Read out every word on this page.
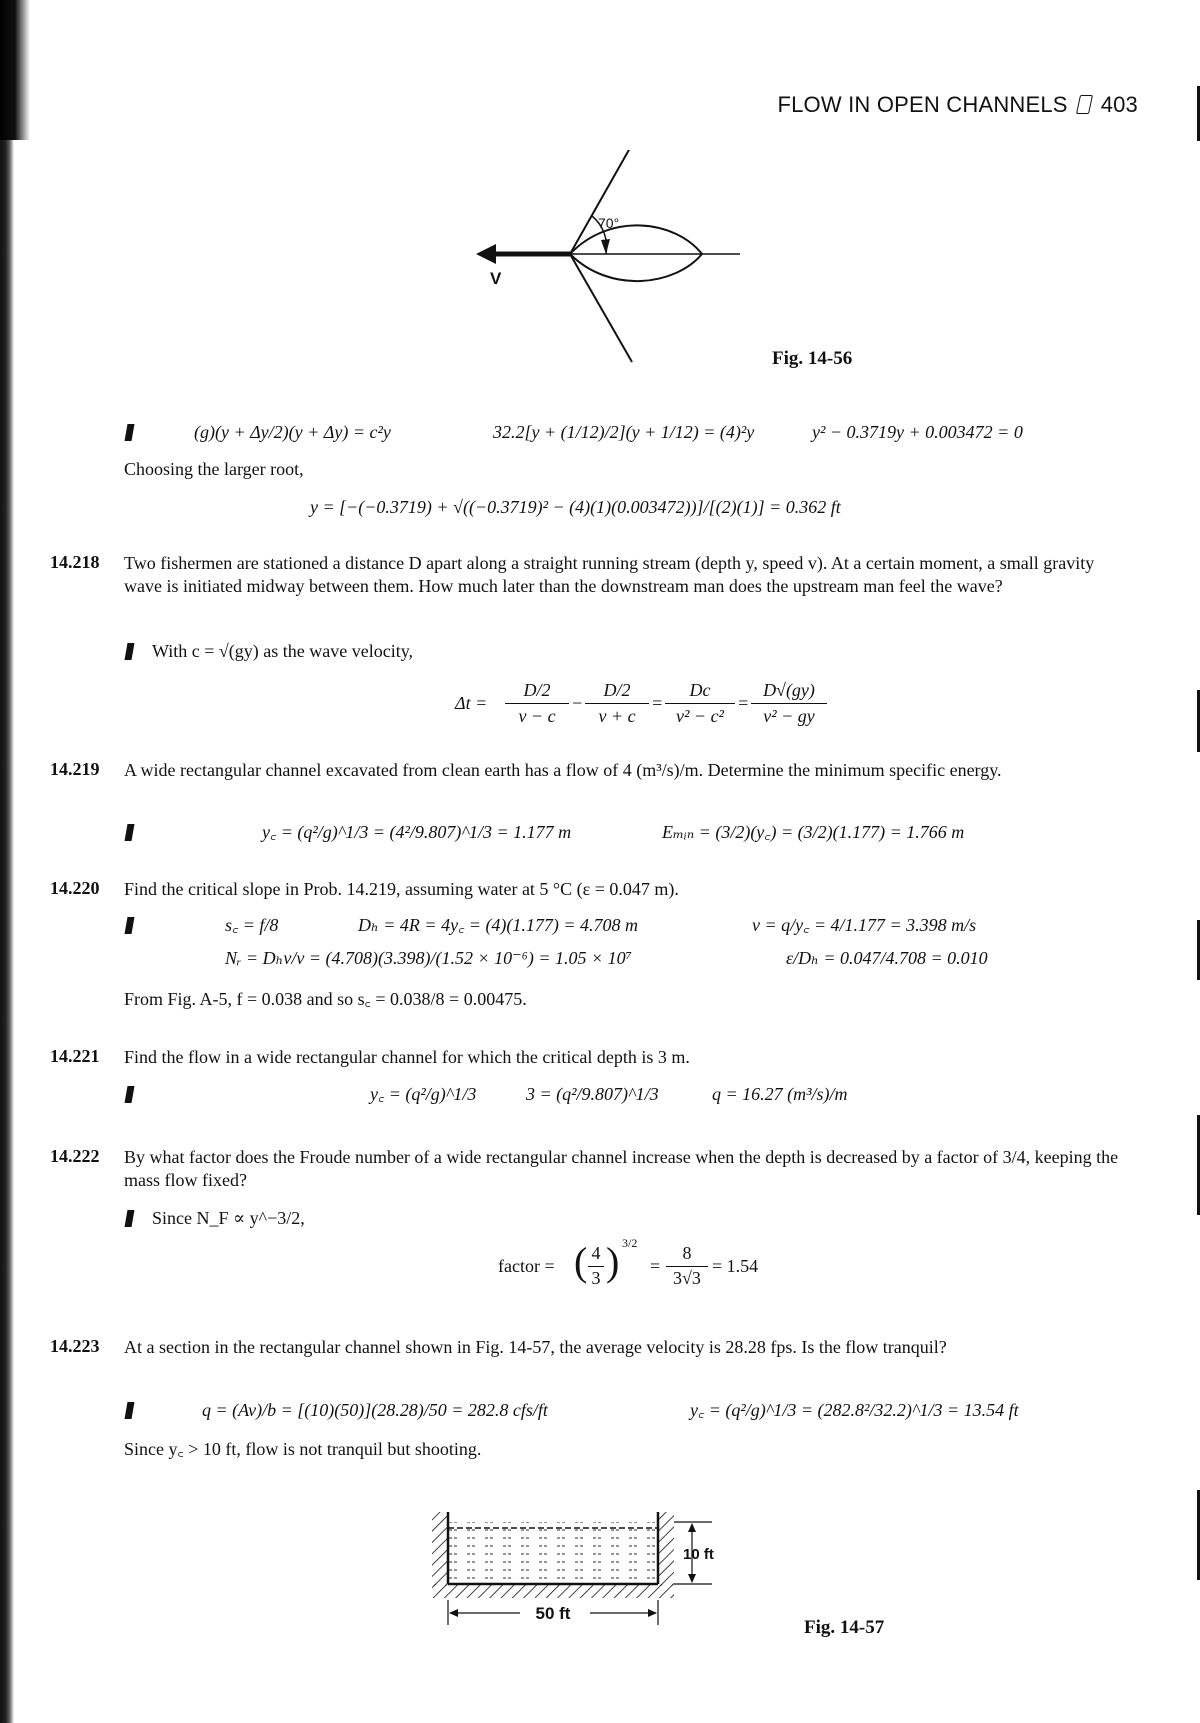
FLOW IN OPEN CHANNELS 403
70°
V
Fig. 14-56
(g)(y + Δy/2)(y + Δy) = c²y	32.2[y + (1/12)/2](y + 1/12) = (4)²y	y² − 0.3719y + 0.003472 = 0
Choosing the larger root,
y = [−(−0.3719) + √((−0.3719)² − (4)(1)(0.003472))]/[(2)(1)] = 0.362 ft
14.218 Two fishermen are stationed a distance D apart along a straight running stream (depth y, speed v). At a certain moment, a small gravity wave is initiated midway between them. How much later than the downstream man does the upstream man feel the wave?
With c = √(gy) as the wave velocity,
Δt =
D/2
v − c
−
D/2
v + c
=
Dc
v² − c²
=
D√(gy)
v² − gy
14.219 A wide rectangular channel excavated from clean earth has a flow of 4 (m³/s)/m. Determine the minimum specific energy.
y꜀ = (q²/g)^1/3 = (4²/9.807)^1/3 = 1.177 m	Eₘᵢₙ = (3/2)(y꜀) = (3/2)(1.177) = 1.766 m
14.220 Find the critical slope in Prob. 14.219, assuming water at 5 °C (ε = 0.047 m).
s꜀ = f/8	Dₕ = 4R = 4y꜀ = (4)(1.177) = 4.708 m	v = q/y꜀ = 4/1.177 = 3.398 m/s
Nᵣ = Dₕv/ν = (4.708)(3.398)/(1.52 × 10⁻⁶) = 1.05 × 10⁷	ε/Dₕ = 0.047/4.708 = 0.010
From Fig. A-5, f = 0.038 and so s꜀ = 0.038/8 = 0.00475.
14.221 Find the flow in a wide rectangular channel for which the critical depth is 3 m.
y꜀ = (q²/g)^1/3	3 = (q²/9.807)^1/3	q = 16.27 (m³/s)/m
14.222 By what factor does the Froude number of a wide rectangular channel increase when the depth is decreased by a factor of 3/4, keeping the mass flow fixed?
Since N_F ∝ y^−3/2,
factor = ( 4
3 ) 3/2
=
8
3√3
= 1.54
14.223 At a section in the rectangular channel shown in Fig. 14-57, the average velocity is 28.28 fps. Is the flow tranquil?
q = (Av)/b = [(10)(50)](28.28)/50 = 282.8 cfs/ft	y꜀ = (q²/g)^1/3 = (282.8²/32.2)^1/3 = 13.54 ft
Since y꜀ > 10 ft, flow is not tranquil but shooting.
10 ft
50 ft
Fig. 14-57
